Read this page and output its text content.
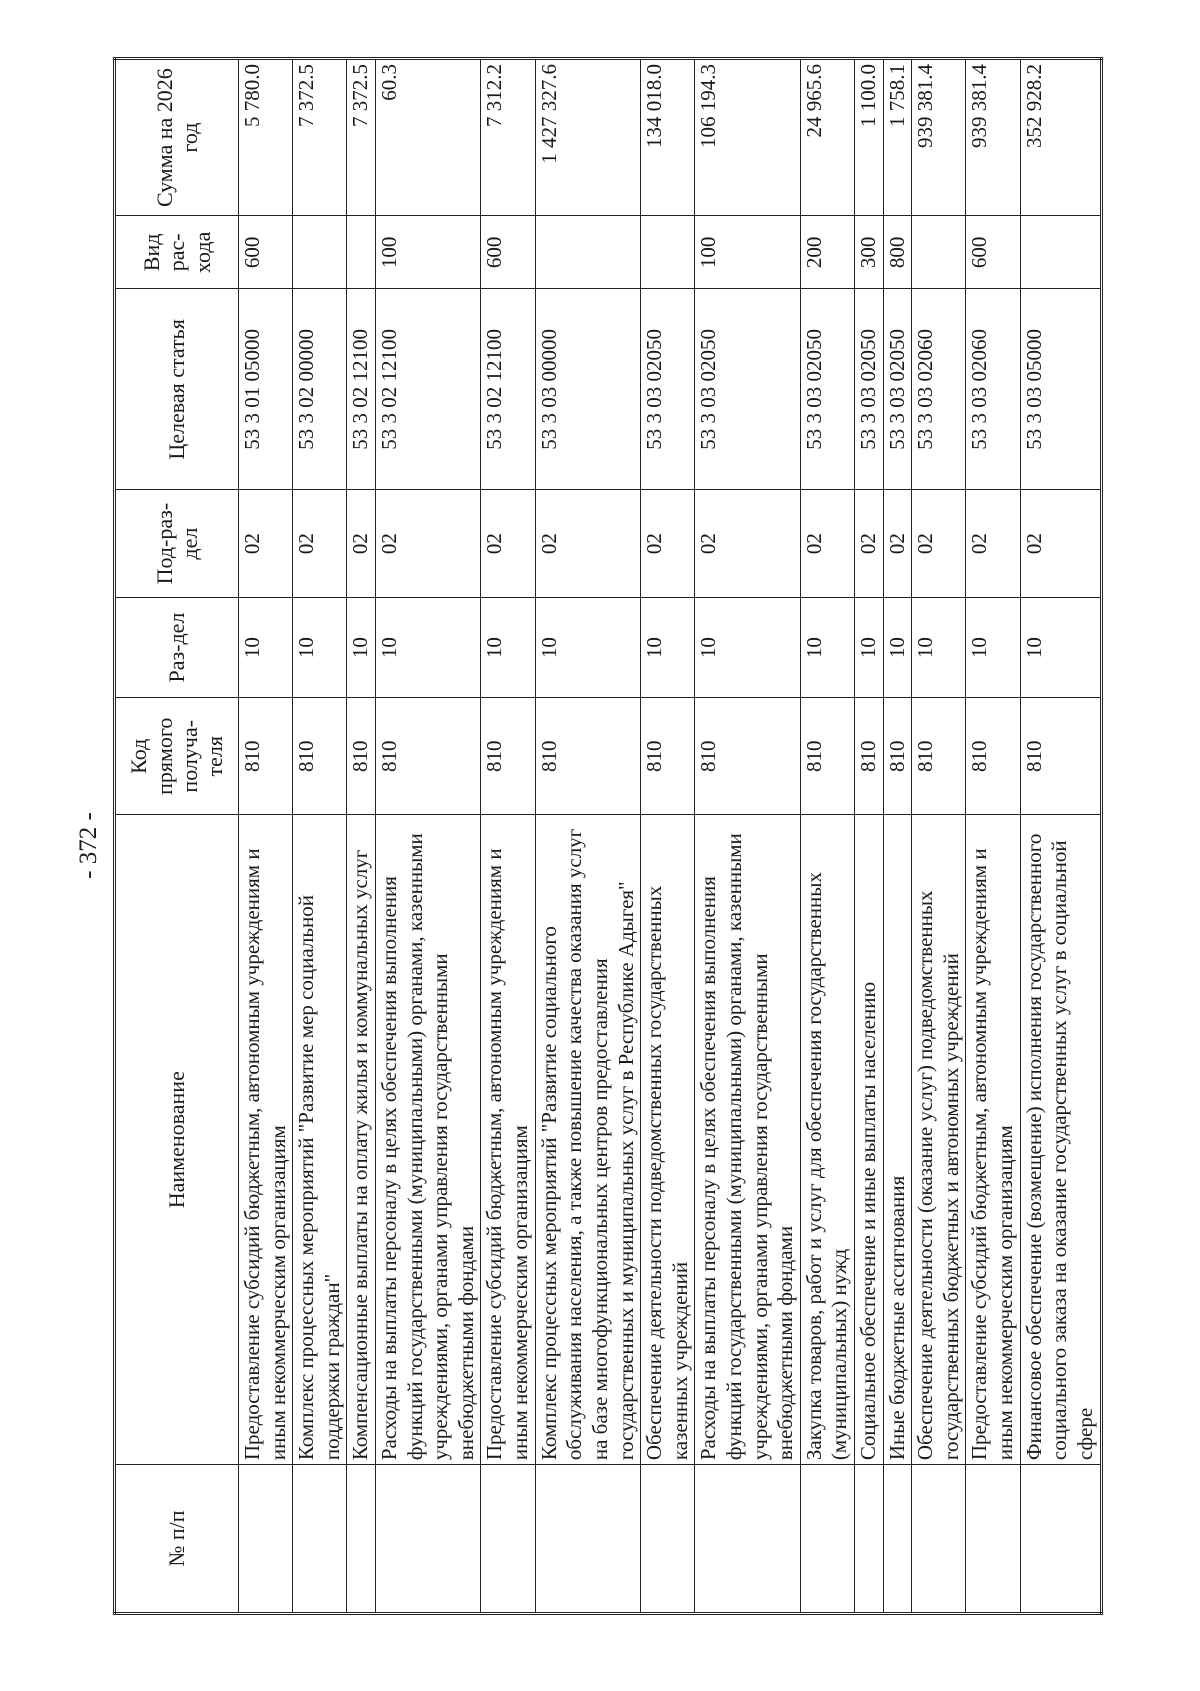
- 372 -
№ п/п	Наименование	Код прямого получа-теля	Раз-дел	Под-раз-дел	Целевая статья	Вид рас-хода	Сумма на 2026 год
	Предоставление субсидий бюджетным, автономным учреждениям и иным некоммерческим организациям	810	10	02	53 3 01 05000	600	5 780.0
	Комплекс процессных мероприятий "Развитие мер социальной поддержки граждан"	810	10	02	53 3 02 00000		7 372.5
	Компенсационные выплаты на оплату жилья и коммунальных услуг	810	10	02	53 3 02 12100		7 372.5
	Расходы на выплаты персоналу в целях обеспечения выполнения функций государственными (муниципальными) органами, казенными учреждениями, органами управления государственными внебюджетными фондами	810	10	02	53 3 02 12100	100	60.3
	Предоставление субсидий бюджетным, автономным учреждениям и иным некоммерческим организациям	810	10	02	53 3 02 12100	600	7 312.2
	Комплекс процессных мероприятий "Развитие социального обслуживания населения, а также повышение качества оказания услуг на базе многофункциональных центров предоставления государственных и муниципальных услуг в Республике Адыгея"	810	10	02	53 3 03 00000		1 427 327.6
	Обеспечение деятельности подведомственных государственных казенных учреждений	810	10	02	53 3 03 02050		134 018.0
	Расходы на выплаты персоналу в целях обеспечения выполнения функций государственными (муниципальными) органами, казенными учреждениями, органами управления государственными внебюджетными фондами	810	10	02	53 3 03 02050	100	106 194.3
	Закупка товаров, работ и услуг для обеспечения государственных (муниципальных) нужд	810	10	02	53 3 03 02050	200	24 965.6
	Социальное обеспечение и иные выплаты населению	810	10	02	53 3 03 02050	300	1 100.0
	Иные бюджетные ассигнования	810	10	02	53 3 03 02050	800	1 758.1
	Обеспечение деятельности (оказание услуг) подведомственных государственных бюджетных и автономных учреждений	810	10	02	53 3 03 02060		939 381.4
	Предоставление субсидий бюджетным, автономным учреждениям и иным некоммерческим организациям	810	10	02	53 3 03 02060	600	939 381.4
	Финансовое обеспечение (возмещение) исполнения государственного социального заказа на оказание государственных услуг в социальной сфере	810	10	02	53 3 03 05000		352 928.2
